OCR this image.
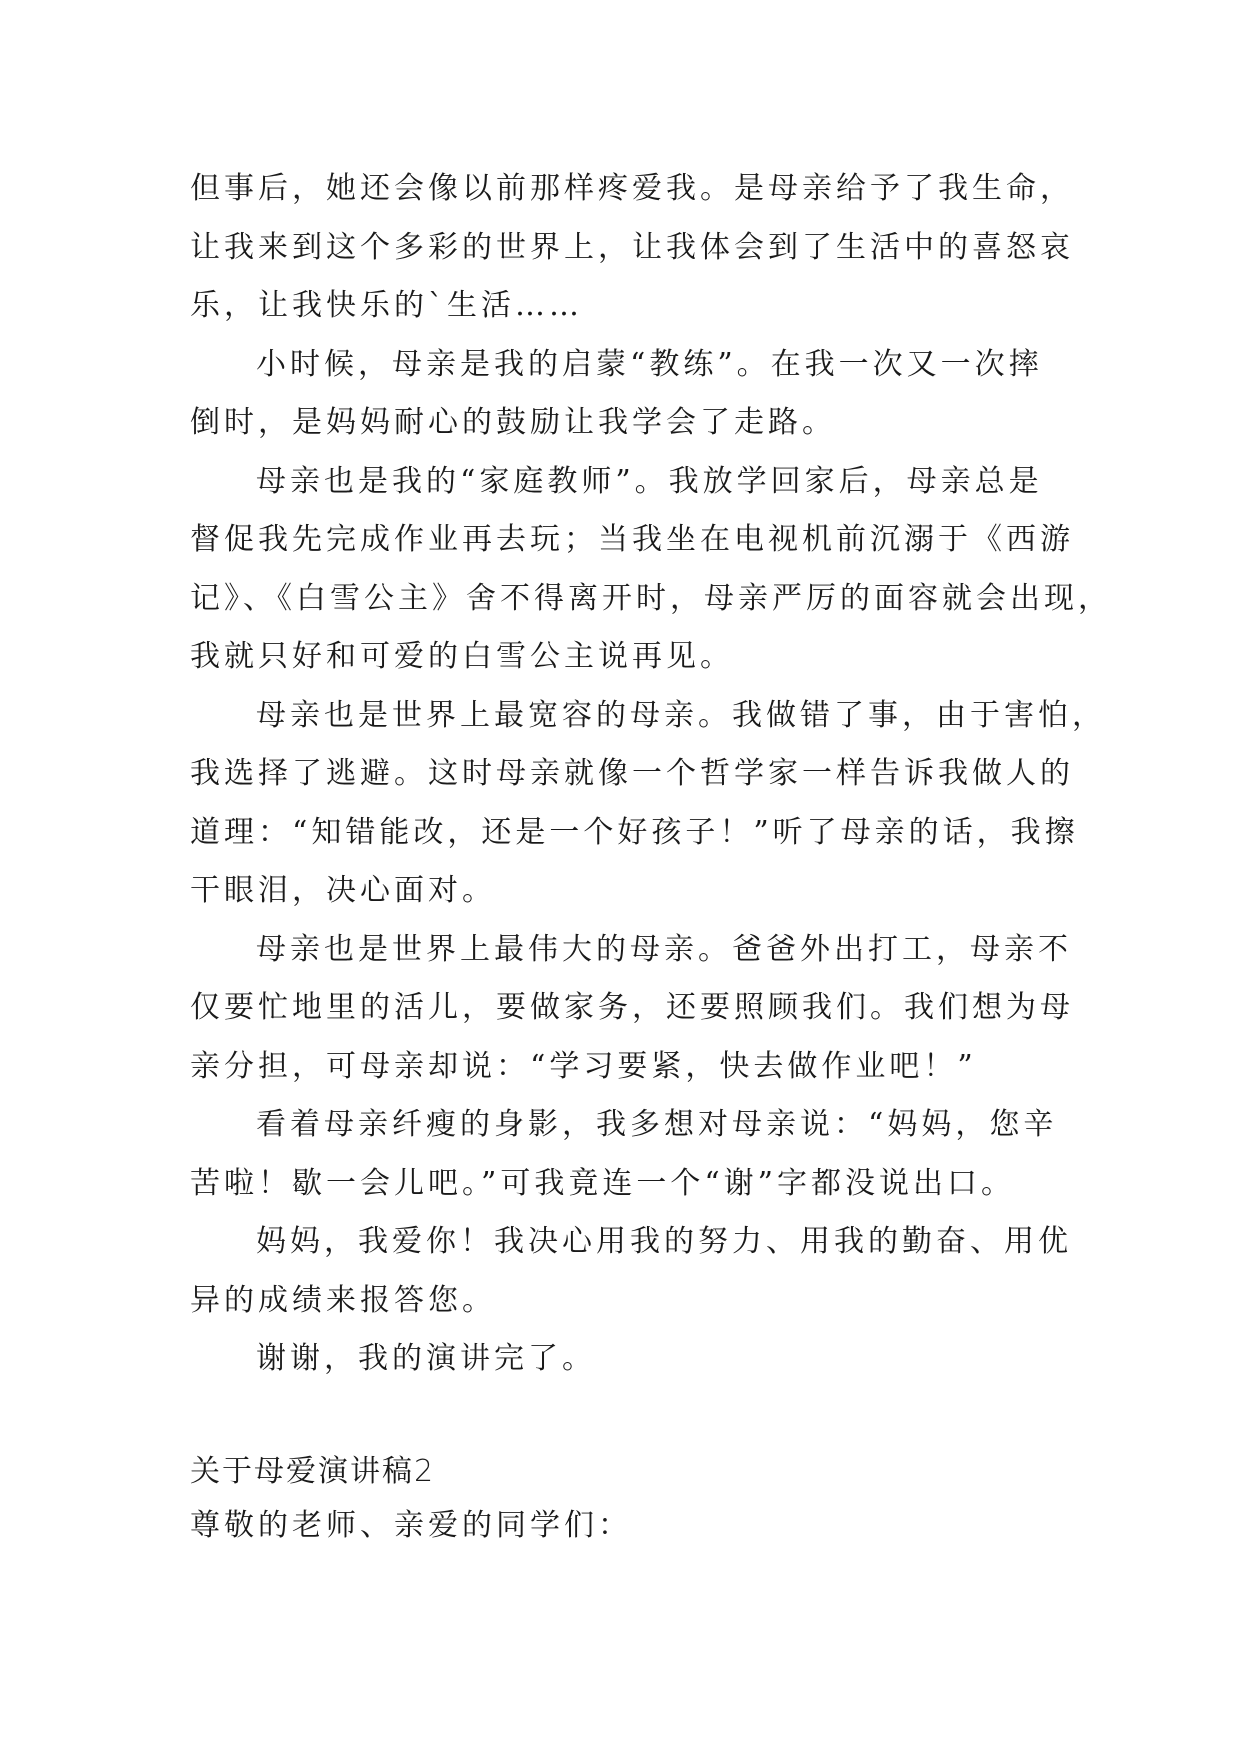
但事后，她还会像以前那样疼爱我。是母亲给予了我生命，
让我来到这个多彩的世界上，让我体会到了生活中的喜怒哀
乐，让我快乐的`生活……
小时候，母亲是我的启蒙“教练”。在我一次又一次摔
倒时，是妈妈耐心的鼓励让我学会了走路。
母亲也是我的“家庭教师”。我放学回家后，母亲总是
督促我先完成作业再去玩；当我坐在电视机前沉溺于《西游
记》、《白雪公主》舍不得离开时，母亲严厉的面容就会出现，
我就只好和可爱的白雪公主说再见。
母亲也是世界上最宽容的母亲。我做错了事，由于害怕，
我选择了逃避。这时母亲就像一个哲学家一样告诉我做人的
道理：“知错能改，还是一个好孩子！”听了母亲的话，我擦
干眼泪，决心面对。
母亲也是世界上最伟大的母亲。爸爸外出打工，母亲不
仅要忙地里的活儿，要做家务，还要照顾我们。我们想为母
亲分担，可母亲却说：“学习要紧，快去做作业吧！”
看着母亲纤瘦的身影，我多想对母亲说：“妈妈，您辛
苦啦！歇一会儿吧。”可我竟连一个“谢”字都没说出口。
妈妈，我爱你！我决心用我的努力、用我的勤奋、用优
异的成绩来报答您。
谢谢，我的演讲完了。
关于母爱演讲稿2
尊敬的老师、亲爱的同学们：
